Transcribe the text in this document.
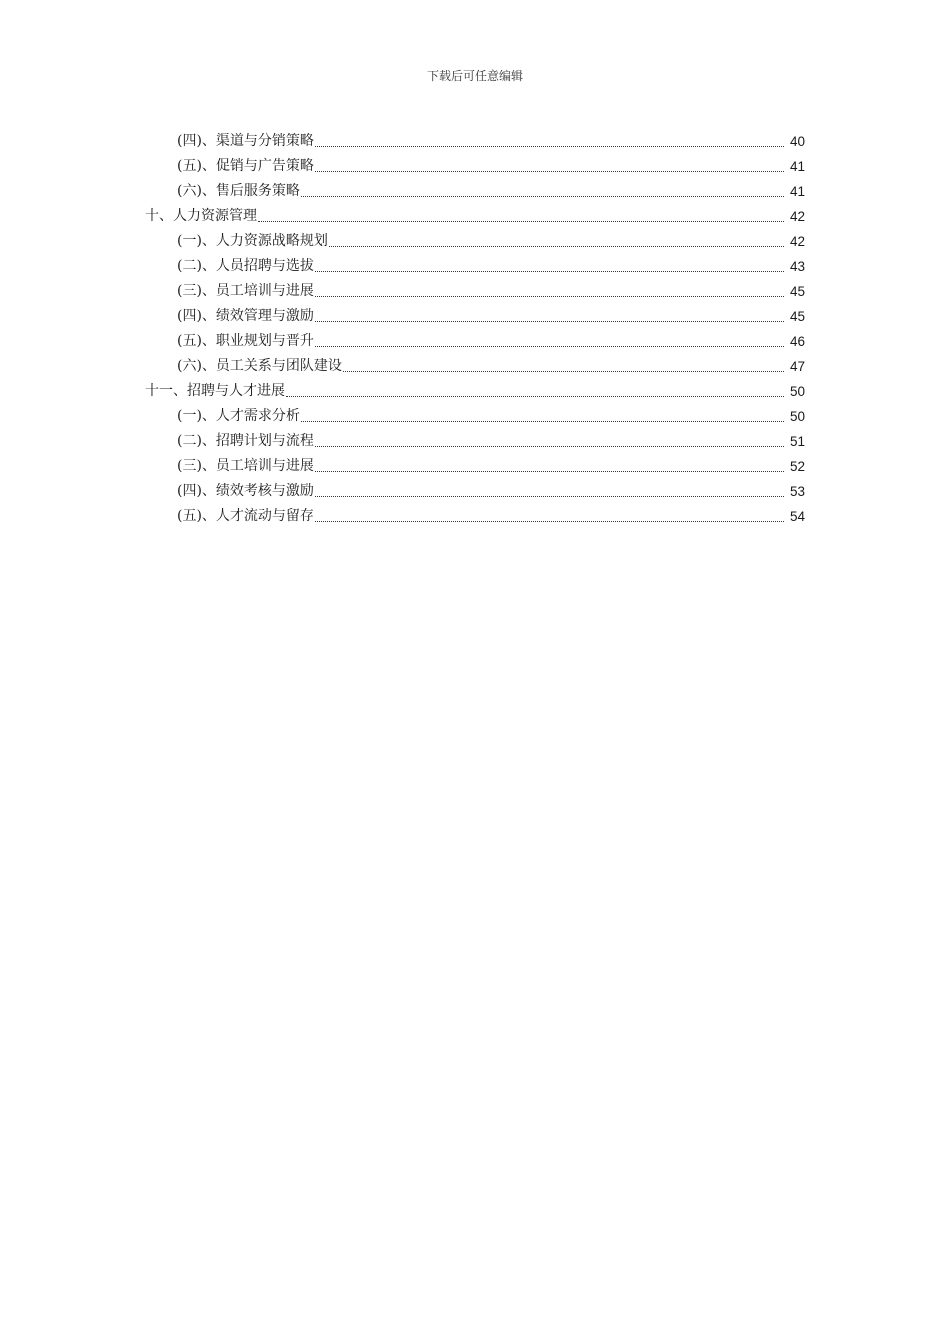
下载后可任意编辑
(四)、渠道与分销策略	40
(五)、促销与广告策略	41
(六)、售后服务策略	41
十、人力资源管理	42
(一)、人力资源战略规划	42
(二)、人员招聘与选拔	43
(三)、员工培训与进展	45
(四)、绩效管理与激励	45
(五)、职业规划与晋升	46
(六)、员工关系与团队建设	47
十一、招聘与人才进展	50
(一)、人才需求分析	50
(二)、招聘计划与流程	51
(三)、员工培训与进展	52
(四)、绩效考核与激励	53
(五)、人才流动与留存	54
